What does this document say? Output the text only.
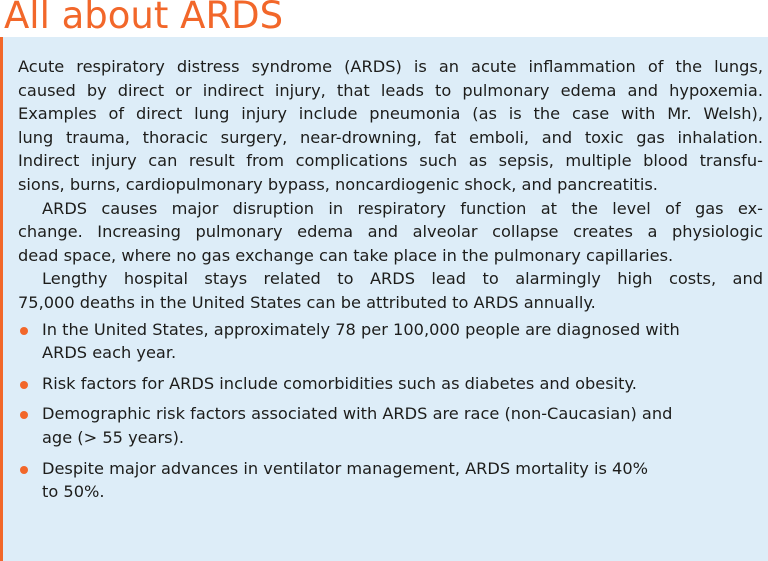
All about ARDS

Acute respiratory distress syndrome (ARDS) is an acute inflammation of the lungs,
caused by direct or indirect injury, that leads to pulmonary edema and hypoxemia.
Examples of direct lung injury include pneumonia (as is the case with Mr. Welsh),
lung trauma, thoracic surgery, near-drowning, fat emboli, and toxic gas inhalation.
Indirect injury can result from complications such as sepsis, multiple blood transfu-
sions, burns, cardiopulmonary bypass, noncardiogenic shock, and pancreatitis.

ARDS causes major disruption in respiratory function at the level of gas ex-
change. Increasing pulmonary edema and alveolar collapse creates a physiologic
dead space, where no gas exchange can take place in the pulmonary capillaries.

Lengthy hospital stays related to ARDS lead to alarmingly high costs, and
75,000 deaths in the United States can be attributed to ARDS annually.

In the United States, approximately 78 per 100,000 people are diagnosed with
ARDS each year.
Risk factors for ARDS include comorbidities such as diabetes and obesity.
Demographic risk factors associated with ARDS are race (non-Caucasian) and
age (> 55 years).
Despite major advances in ventilator management, ARDS mortality is 40%
to 50%.
